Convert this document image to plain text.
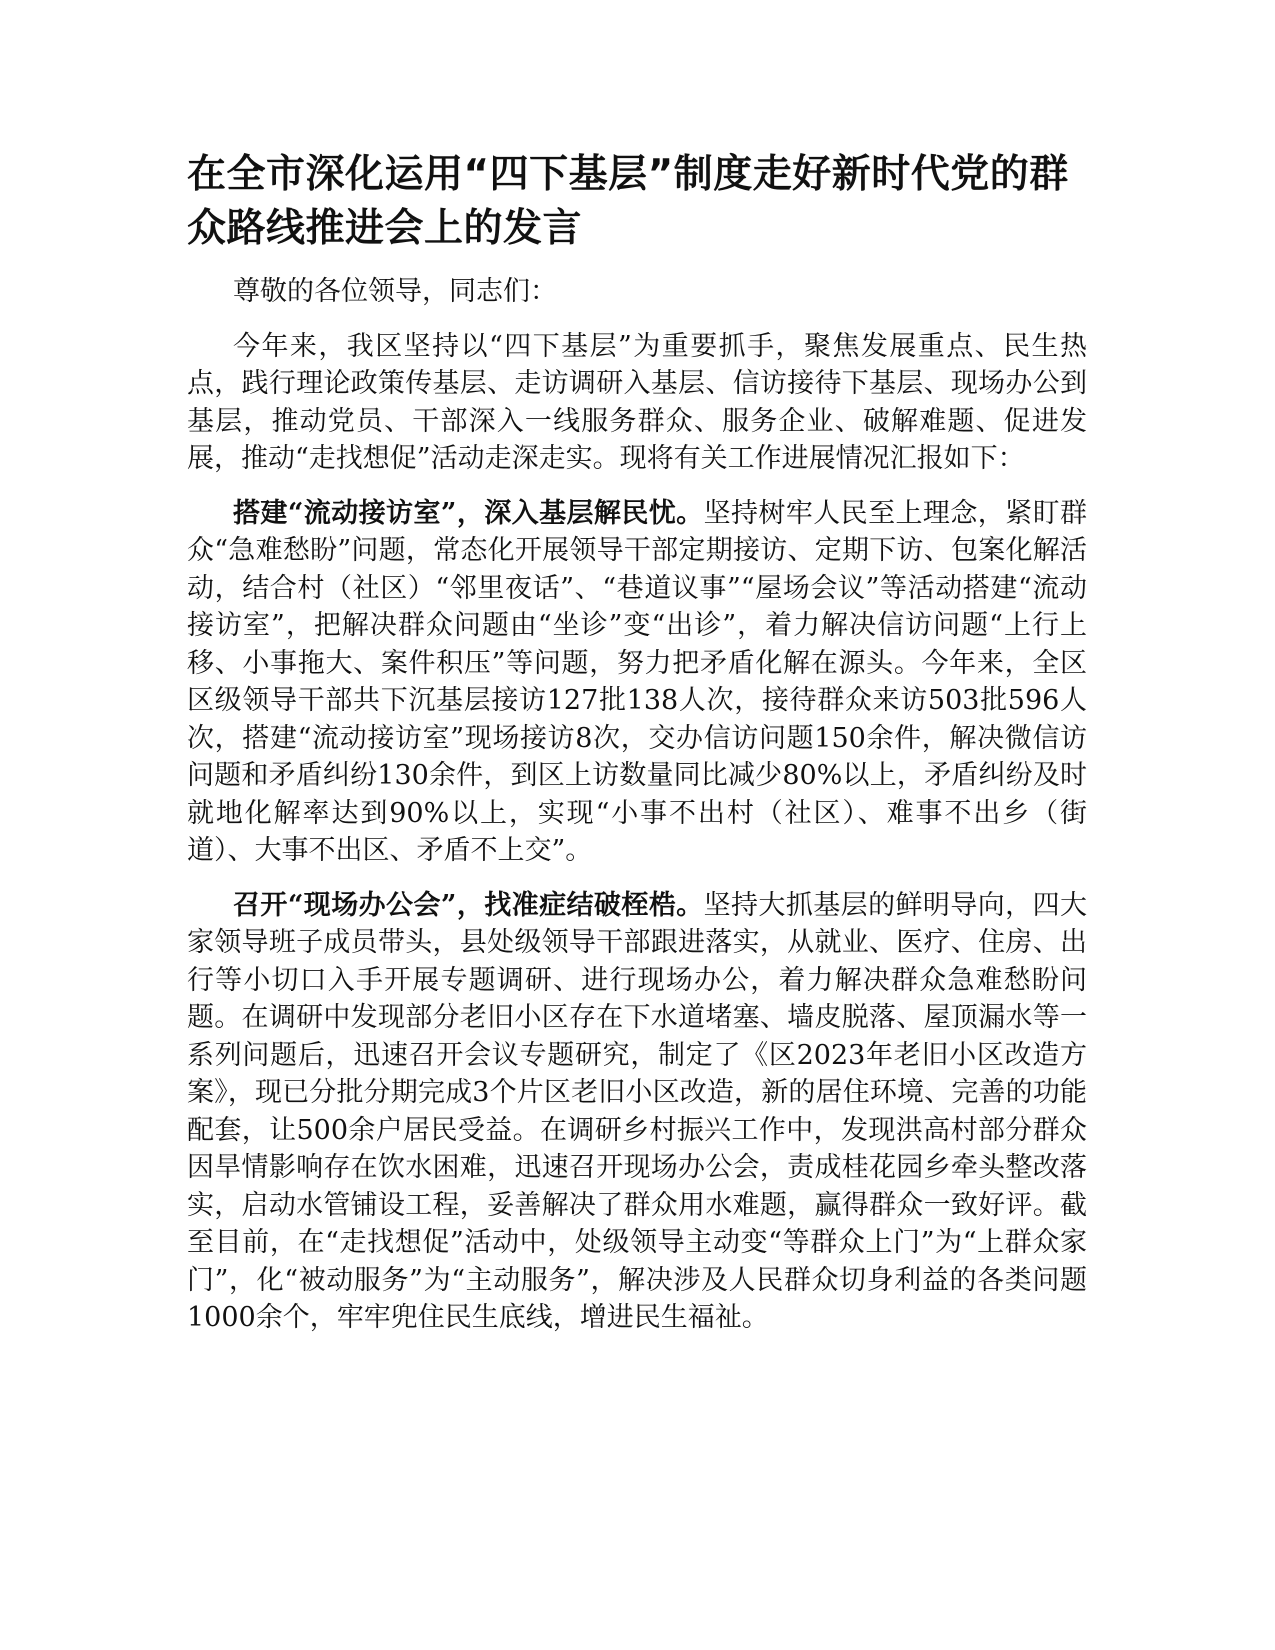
在全市深化运用“四下基层”制度走好新时代党的群众路线推进会上的发言

尊敬的各位领导，同志们：

今年来，我区坚持以“四下基层”为重要抓手，聚焦发展重点、民生热点，践行理论政策传基层、走访调研入基层、信访接待下基层、现场办公到基层，推动党员、干部深入一线服务群众、服务企业、破解难题、促进发展，推动“走找想促”活动走深走实。现将有关工作进展情况汇报如下：

搭建“流动接访室”，深入基层解民忧。坚持树牢人民至上理念，紧盯群众“急难愁盼”问题，常态化开展领导干部定期接访、定期下访、包案化解活动，结合村（社区）“邻里夜话”、“巷道议事”“屋场会议”等活动搭建“流动接访室”，把解决群众问题由“坐诊”变“出诊”，着力解决信访问题“上行上移、小事拖大、案件积压”等问题，努力把矛盾化解在源头。今年来，全区区级领导干部共下沉基层接访127批138人次，接待群众来访503批596人次，搭建“流动接访室”现场接访8次，交办信访问题150余件，解决微信访问题和矛盾纠纷130余件，到区上访数量同比减少80%以上，矛盾纠纷及时就地化解率达到90%以上，实现“小事不出村（社区）、难事不出乡（街道）、大事不出区、矛盾不上交”。

召开“现场办公会”，找准症结破桎梏。坚持大抓基层的鲜明导向，四大家领导班子成员带头，县处级领导干部跟进落实，从就业、医疗、住房、出行等小切口入手开展专题调研、进行现场办公，着力解决群众急难愁盼问题。在调研中发现部分老旧小区存在下水道堵塞、墙皮脱落、屋顶漏水等一系列问题后，迅速召开会议专题研究，制定了《区2023年老旧小区改造方案》，现已分批分期完成3个片区老旧小区改造，新的居住环境、完善的功能配套，让500余户居民受益。在调研乡村振兴工作中，发现洪高村部分群众因旱情影响存在饮水困难，迅速召开现场办公会，责成桂花园乡牵头整改落实，启动水管铺设工程，妥善解决了群众用水难题，赢得群众一致好评。截至目前，在“走找想促”活动中，处级领导主动变“等群众上门”为“上群众家门”，化“被动服务”为“主动服务”，解决涉及人民群众切身利益的各类问题1000余个，牢牢兜住民生底线，增进民生福祉。
